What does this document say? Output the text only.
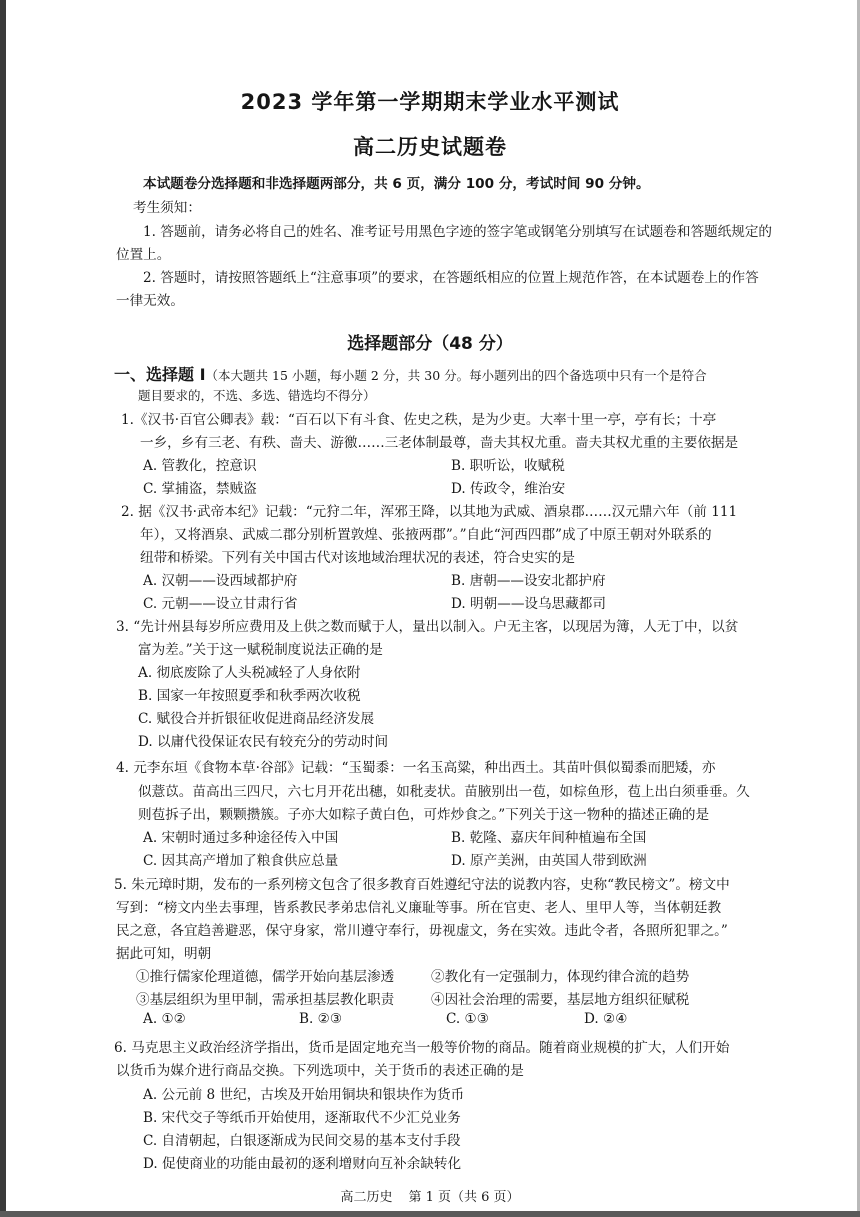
2023 学年第一学期期末学业水平测试
高二历史试题卷
本试题卷分选择题和非选择题两部分，共 6 页，满分 100 分，考试时间 90 分钟。
考生须知：
1. 答题前，请务必将自己的姓名、准考证号用黑色字迹的签字笔或钢笔分别填写在试题卷和答题纸规定的
位置上。
2. 答题时，请按照答题纸上“注意事项”的要求，在答题纸相应的位置上规范作答，在本试题卷上的作答
一律无效。
选择题部分（48 分）
一、选择题 Ⅰ（本大题共 15 小题，每小题 2 分，共 30 分。每小题列出的四个备选项中只有一个是符合
题目要求的，不选、多选、错选均不得分）
1.《汉书·百官公卿表》载：“百石以下有斗食、佐史之秩，是为少吏。大率十里一亭，亭有长；十亭
一乡，乡有三老、有秩、啬夫、游徼……三老体制最尊，啬夫其权尤重。啬夫其权尤重的主要依据是
A. 管教化，控意识	B. 职听讼，收赋税
C. 掌捕盗，禁贼盗	D. 传政令，维治安
2. 据《汉书·武帝本纪》记载：“元狩二年，浑邪王降，以其地为武威、酒泉郡……汉元鼎六年（前 111
年），又将酒泉、武威二郡分别析置敦煌、张掖两郡”。”自此“河西四郡”成了中原王朝对外联系的
纽带和桥梁。下列有关中国古代对该地域治理状况的表述，符合史实的是
A. 汉朝——设西域都护府	B. 唐朝——设安北都护府
C. 元朝——设立甘肃行省	D. 明朝——设乌思藏都司
3. “先计州县每岁所应费用及上供之数而赋于人，量出以制入。户无主客，以现居为簿，人无丁中，以贫
富为差。”关于这一赋税制度说法正确的是
A. 彻底废除了人头税减轻了人身依附
B. 国家一年按照夏季和秋季两次收税
C. 赋役合并折银征收促进商品经济发展
D. 以庸代役保证农民有较充分的劳动时间
4. 元李东垣《食物本草·谷部》记载：“玉蜀黍：一名玉高粱，种出西土。其苗叶俱似蜀黍而肥矮，亦
似薏苡。苗高出三四尺，六七月开花出穗，如秕麦状。苗腋别出一苞，如棕鱼形，苞上出白须垂垂。久
则苞拆子出，颗颗攒簇。子亦大如粽子黄白色，可炸炒食之。”下列关于这一物种的描述正确的是
A. 宋朝时通过多种途径传入中国	B. 乾隆、嘉庆年间种植遍布全国
C. 因其高产增加了粮食供应总量	D. 原产美洲，由英国人带到欧洲
5. 朱元璋时期，发布的一系列榜文包含了很多教育百姓遵纪守法的说教内容，史称“教民榜文”。榜文中
写到：“榜文内坐去事理，皆系教民孝弟忠信礼义廉耻等事。所在官吏、老人、里甲人等，当体朝廷教
民之意，各宜趋善避恶，保守身家，常川遵守奉行，毋视虚文，务在实效。违此令者，各照所犯罪之。”
据此可知，明朝
①推行儒家伦理道德，儒学开始向基层渗透	②教化有一定强制力，体现约律合流的趋势
③基层组织为里甲制，需承担基层教化职责	④因社会治理的需要，基层地方组织征赋税
A. ①②	B. ②③	C. ①③	D. ②④
6. 马克思主义政治经济学指出，货币是固定地充当一般等价物的商品。随着商业规模的扩大，人们开始
以货币为媒介进行商品交换。下列选项中，关于货币的表述正确的是
A. 公元前 8 世纪，古埃及开始用铜块和银块作为货币
B. 宋代交子等纸币开始使用，逐渐取代不少汇兑业务
C. 自清朝起，白银逐渐成为民间交易的基本支付手段
D. 促使商业的功能由最初的逐利增财向互补余缺转化
高二历史 第 1 页（共 6 页）
